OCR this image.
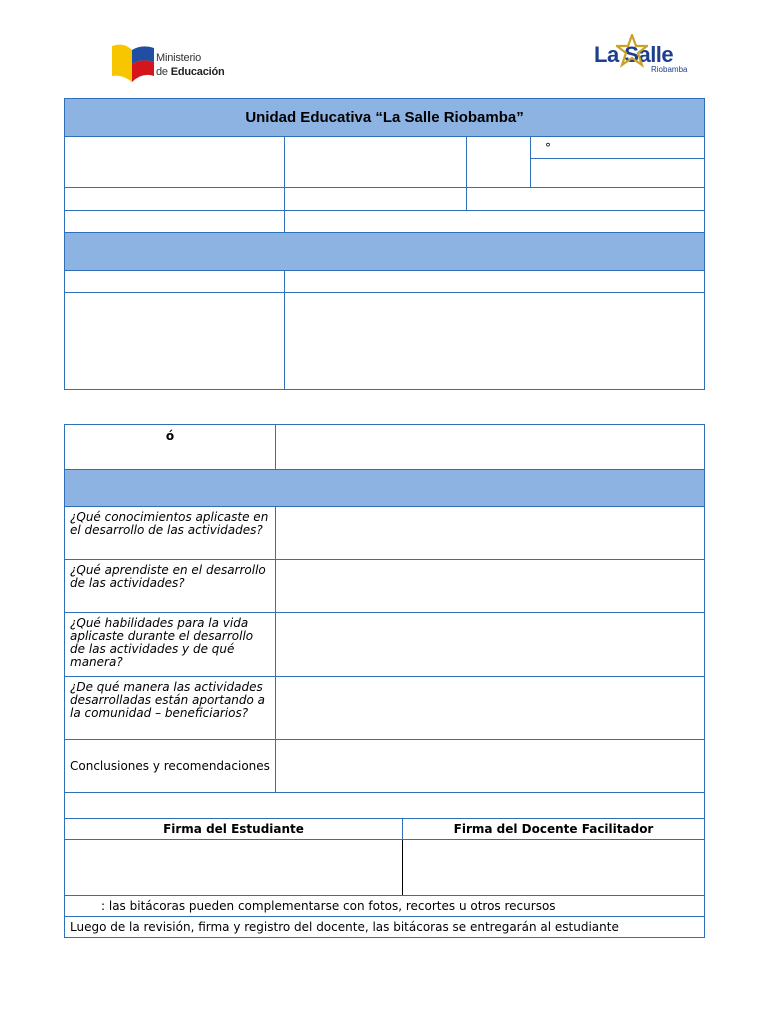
Ministerio
de Educación
La Salle
Riobamba
Unidad Educativa “La Salle Riobamba”			
			°

ó		

¿Qué conocimientos aplicaste en el desarrollo de las actividades?		
¿Qué aprendiste en el desarrollo de las actividades?		
¿Qué habilidades para la vida aplicaste durante el desarrollo de las actividades y de qué manera?		
¿De qué manera las actividades desarrolladas están aportando a la comunidad – beneficiarios?		
Conclusiones y recomendaciones		

Firma del Estudiante		Firma del Docente Facilitador

: las bitácoras pueden complementarse con fotos, recortes u otros recursos		
Luego de la revisión, firma y registro del docente, las bitácoras se entregarán al estudiante		
